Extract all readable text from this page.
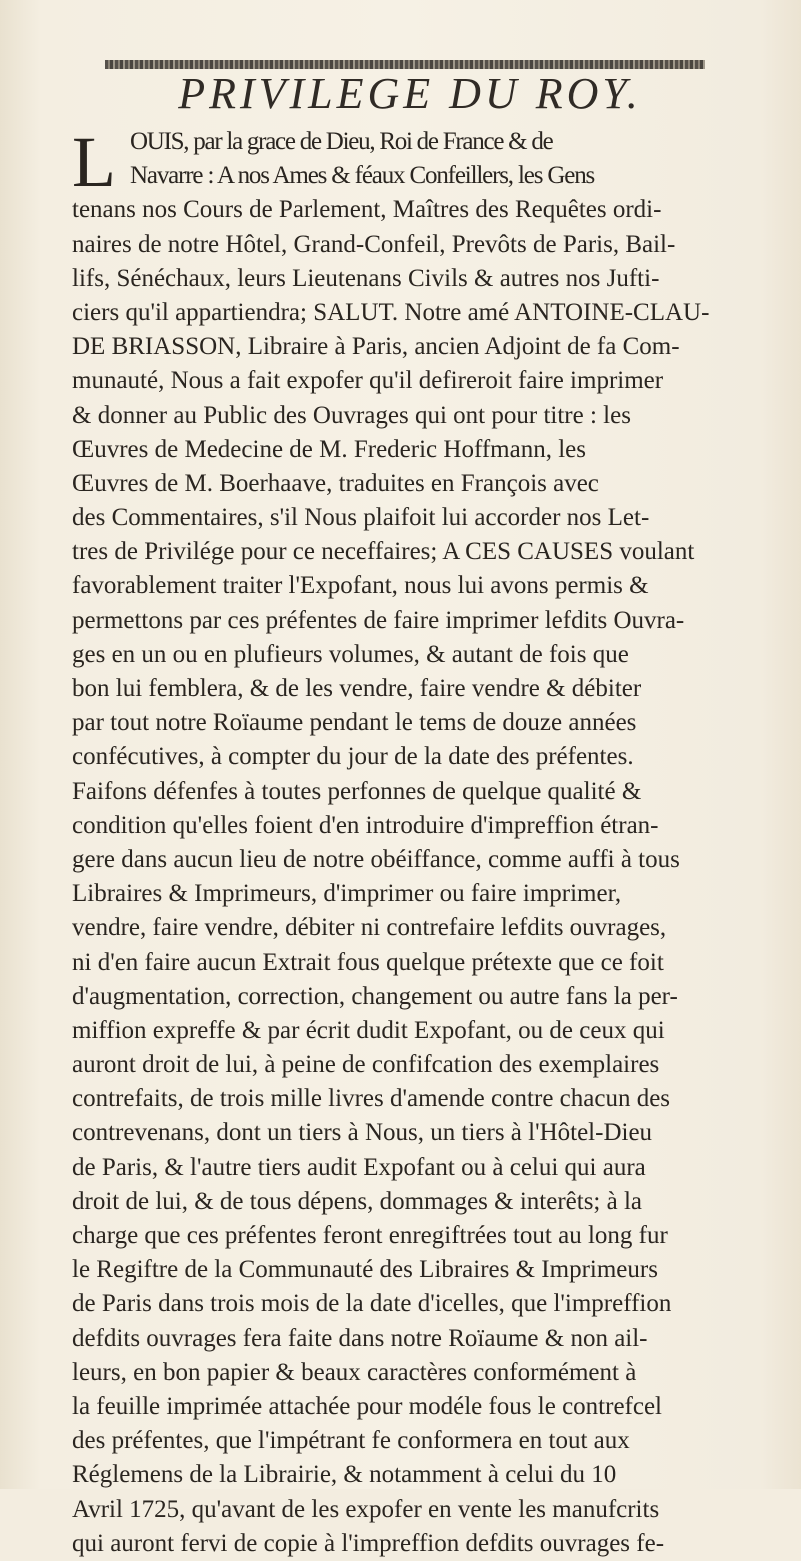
PRIVILEGE DU ROY.
L OUIS, par la grace de Dieu, Roi de France & de
Navarre : A nos Ames & féaux Confeillers, les Gens
tenans nos Cours de Parlement, Maîtres des Requêtes ordi-
naires de notre Hôtel, Grand-Confeil, Prevôts de Paris, Bail-
lifs, Sénéchaux, leurs Lieutenans Civils & autres nos Jufti-
ciers qu'il appartiendra; SALUT. Notre amé ANTOINE-CLAU-
DE BRIASSON, Libraire à Paris, ancien Adjoint de fa Com-
munauté, Nous a fait expofer qu'il defireroit faire imprimer
& donner au Public des Ouvrages qui ont pour titre : les
Œuvres de Medecine de M. Frederic Hoffmann, les
Œuvres de M. Boerhaave, traduites en François avec
des Commentaires, s'il Nous plaifoit lui accorder nos Let-
tres de Privilége pour ce neceffaires; A CES CAUSES voulant
favorablement traiter l'Expofant, nous lui avons permis &
permettons par ces préfentes de faire imprimer lefdits Ouvra-
ges en un ou en plufieurs volumes, & autant de fois que
bon lui femblera, & de les vendre, faire vendre & débiter
par tout notre Roïaume pendant le tems de douze années
confécutives, à compter du jour de la date des préfentes.
Faifons défenfes à toutes perfonnes de quelque qualité &
condition qu'elles foient d'en introduire d'impreffion étran-
gere dans aucun lieu de notre obéiffance, comme auffi à tous
Libraires & Imprimeurs, d'imprimer ou faire imprimer,
vendre, faire vendre, débiter ni contrefaire lefdits ouvrages,
ni d'en faire aucun Extrait fous quelque prétexte que ce foit
d'augmentation, correction, changement ou autre fans la per-
miffion expreffe & par écrit dudit Expofant, ou de ceux qui
auront droit de lui, à peine de confifcation des exemplaires
contrefaits, de trois mille livres d'amende contre chacun des
contrevenans, dont un tiers à Nous, un tiers à l'Hôtel-Dieu
de Paris, & l'autre tiers audit Expofant ou à celui qui aura
droit de lui, & de tous dépens, dommages & interêts; à la
charge que ces préfentes feront enregiftrées tout au long fur
le Regiftre de la Communauté des Libraires & Imprimeurs
de Paris dans trois mois de la date d'icelles, que l'impreffion
defdits ouvrages fera faite dans notre Roïaume & non ail-
leurs, en bon papier & beaux caractères conformément à
la feuille imprimée attachée pour modéle fous le contrefcel
des préfentes, que l'impétrant fe conformera en tout aux
Réglemens de la Librairie, & notamment à celui du 10
Avril 1725, qu'avant de les expofer en vente les manufcrits
qui auront fervi de copie à l'impreffion defdits ouvrages fe-
